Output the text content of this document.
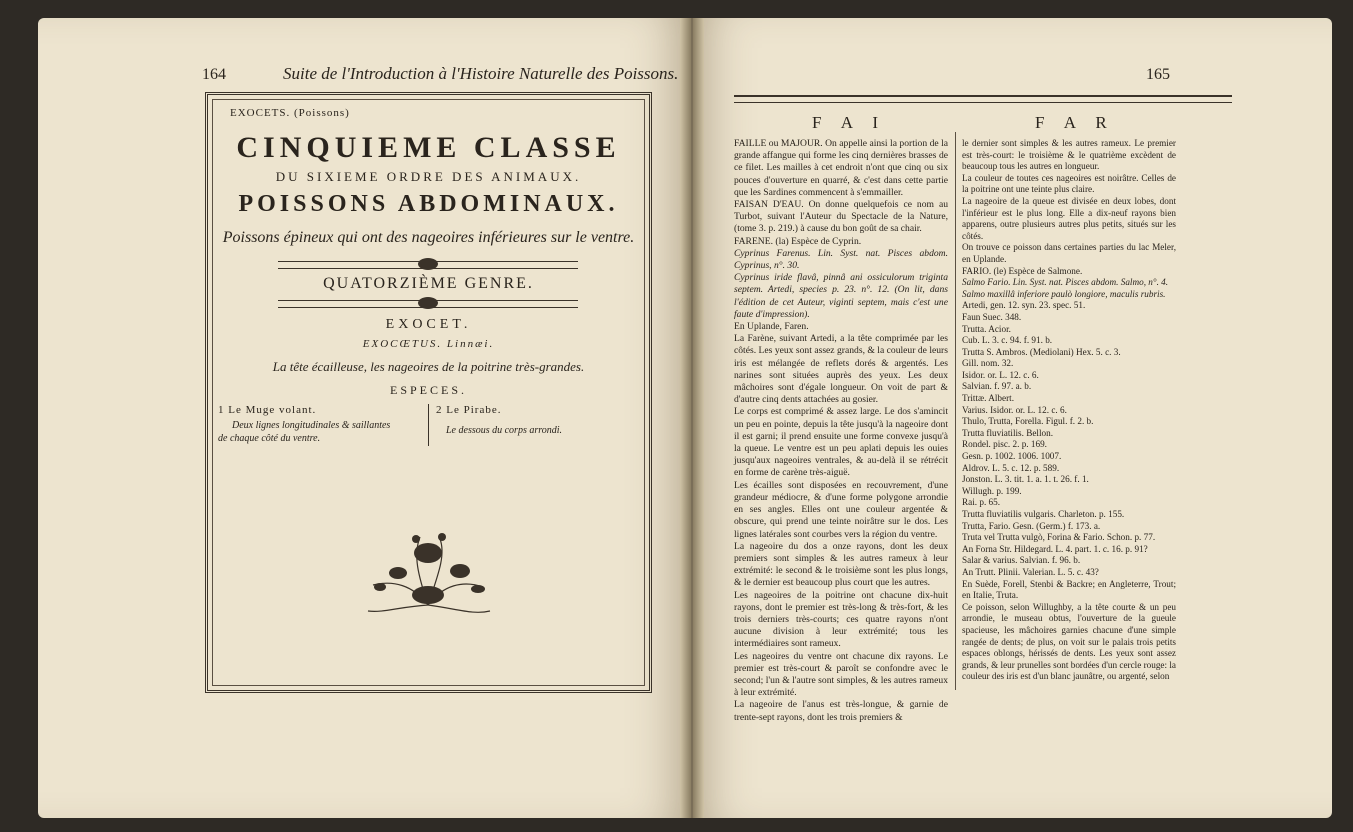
164	Suite de l'Introduction à l'Histoire Naturelle des Poissons.
EXOCETS. (Poissons)
CINQUIEME CLASSE
DU SIXIEME ORDRE DES ANIMAUX.
POISSONS ABDOMINAUX.
Poissons épineux qui ont des nageoires inférieures sur le ventre.
QUATORZIÈME GENRE.
EXOCET.
EXOCŒTUS. Linnæi.
La tête écailleuse, les nageoires de la poitrine très-grandes.
ESPECES.
1 Le Muge volant.
Deux lignes longitudinales & saillantes
de chaque côté du ventre.
2 Le Pirabe.
Le dessous du corps arrondi.
165
F A I	F A R

FAILLE ou MAJOUR. On appelle ainsi la portion de la grande affangue qui forme les cinq dernières brasses de ce filet. Les mailles à cet endroit n'ont que cinq ou six pouces d'ouverture en quarré, & c'est dans cette partie que les Sardines commencent à s'emmailler.

FAISAN D'EAU. On donne quelquefois ce nom au Turbot, suivant l'Auteur du Spectacle de la Nature, (tome 3. p. 219.) à cause du bon goût de sa chair.

FARENE. (la) Espèce de Cyprin.

Cyprinus Farenus. Lin. Syst. nat. Pisces abdom. Cyprinus, n°. 30.

Cyprinus iride flavâ, pinnâ ani ossiculorum triginta septem. Artedi, species p. 23. n°. 12. (On lit, dans l'édition de cet Auteur, viginti septem, mais c'est une faute d'impression).

En Uplande, Faren.

La Farène, suivant Artedi, a la tête comprimée par les côtés. Les yeux sont assez grands, & la couleur de leurs iris est mélangée de reflets dorés & argentés. Les narines sont situées auprès des yeux. Les deux mâchoires sont d'égale longueur. On voit de part & d'autre cinq dents attachées au gosier.

Le corps est comprimé & assez large. Le dos s'amincit un peu en pointe, depuis la tête jusqu'à la nageoire dont il est garni; il prend ensuite une forme convexe jusqu'à la queue. Le ventre est un peu aplati depuis les ouies jusqu'aux nageoires ventrales, & au-delà il se rétrécit en forme de carène très-aiguë.

Les écailles sont disposées en recouvrement, d'une grandeur médiocre, & d'une forme polygone arrondie en ses angles. Elles ont une couleur argentée & obscure, qui prend une teinte noirâtre sur le dos. Les lignes latérales sont courbes vers la région du ventre.

La nageoire du dos a onze rayons, dont les deux premiers sont simples & les autres rameux à leur extrémité: le second & le troisième sont les plus longs, & le dernier est beaucoup plus court que les autres.

Les nageoires de la poitrine ont chacune dix-huit rayons, dont le premier est très-long & très-fort, & les trois derniers très-courts; ces quatre rayons n'ont aucune division à leur extrémité; tous les intermédiaires sont rameux.

Les nageoires du ventre ont chacune dix rayons. Le premier est très-court & paroît se confondre avec le second; l'un & l'autre sont simples, & les autres rameux à leur extrémité.

La nageoire de l'anus est très-longue, & garnie de trente-sept rayons, dont les trois premiers &

le dernier sont simples & les autres rameux. Le premier est très-court: le troisième & le quatrième excèdent de beaucoup tous les autres en longueur.

La couleur de toutes ces nageoires est noirâtre. Celles de la poitrine ont une teinte plus claire.

La nageoire de la queue est divisée en deux lobes, dont l'inférieur est le plus long. Elle a dix-neuf rayons bien apparens, outre plusieurs autres plus petits, situés sur les côtés.

On trouve ce poisson dans certaines parties du lac Meler, en Uplande.

FARIO. (le) Espèce de Salmone.

Salmo Fario. Lin. Syst. nat. Pisces abdom. Salmo, n°. 4.

Salmo maxillâ inferiore paulò longiore, maculis rubris.

Artedi, gen. 12. syn. 23. spec. 51.

Faun Suec. 348.

Trutta. Acior.

Cub. L. 3. c. 94. f. 91. b.

Trutta S. Ambros. (Mediolani) Hex. 5. c. 3.

Gill. nom. 32.

Isidor. or. L. 12. c. 6.

Salvian. f. 97. a. b.

Trittæ. Albert.

Varius. Isidor. or. L. 12. c. 6.

Thulo, Trutta, Forella. Figul. f. 2. b.

Trutta fluviatilis. Bellon.

Rondel. pisc. 2. p. 169.

Gesn. p. 1002. 1006. 1007.

Aldrov. L. 5. c. 12. p. 589.

Jonston. L. 3. tit. 1. a. 1. t. 26. f. 1.

Willugh. p. 199.

Rai. p. 65.

Trutta fluviatilis vulgaris. Charleton. p. 155.

Trutta, Fario. Gesn. (Germ.) f. 173. a.

Truta vel Trutta vulgò, Forina & Fario. Schon. p. 77.

An Forna Str. Hildegard. L. 4. part. 1. c. 16. p. 91?

Salar & varius. Salvian. f. 96. b.

An Trutt. Plinii. Valerian. L. 5. c. 43?

En Suède, Forell, Stenbi & Backre; en Angleterre, Trout; en Italie, Truta.

Ce poisson, selon Willughby, a la tête courte & un peu arrondie, le museau obtus, l'ouverture de la gueule spacieuse, les mâchoires garnies chacune d'une simple rangée de dents; de plus, on voit sur le palais trois petits espaces oblongs, hérissés de dents. Les yeux sont assez grands, & leur prunelles sont bordées d'un cercle rouge: la couleur des iris est d'un blanc jaunâtre, ou argenté, selon
